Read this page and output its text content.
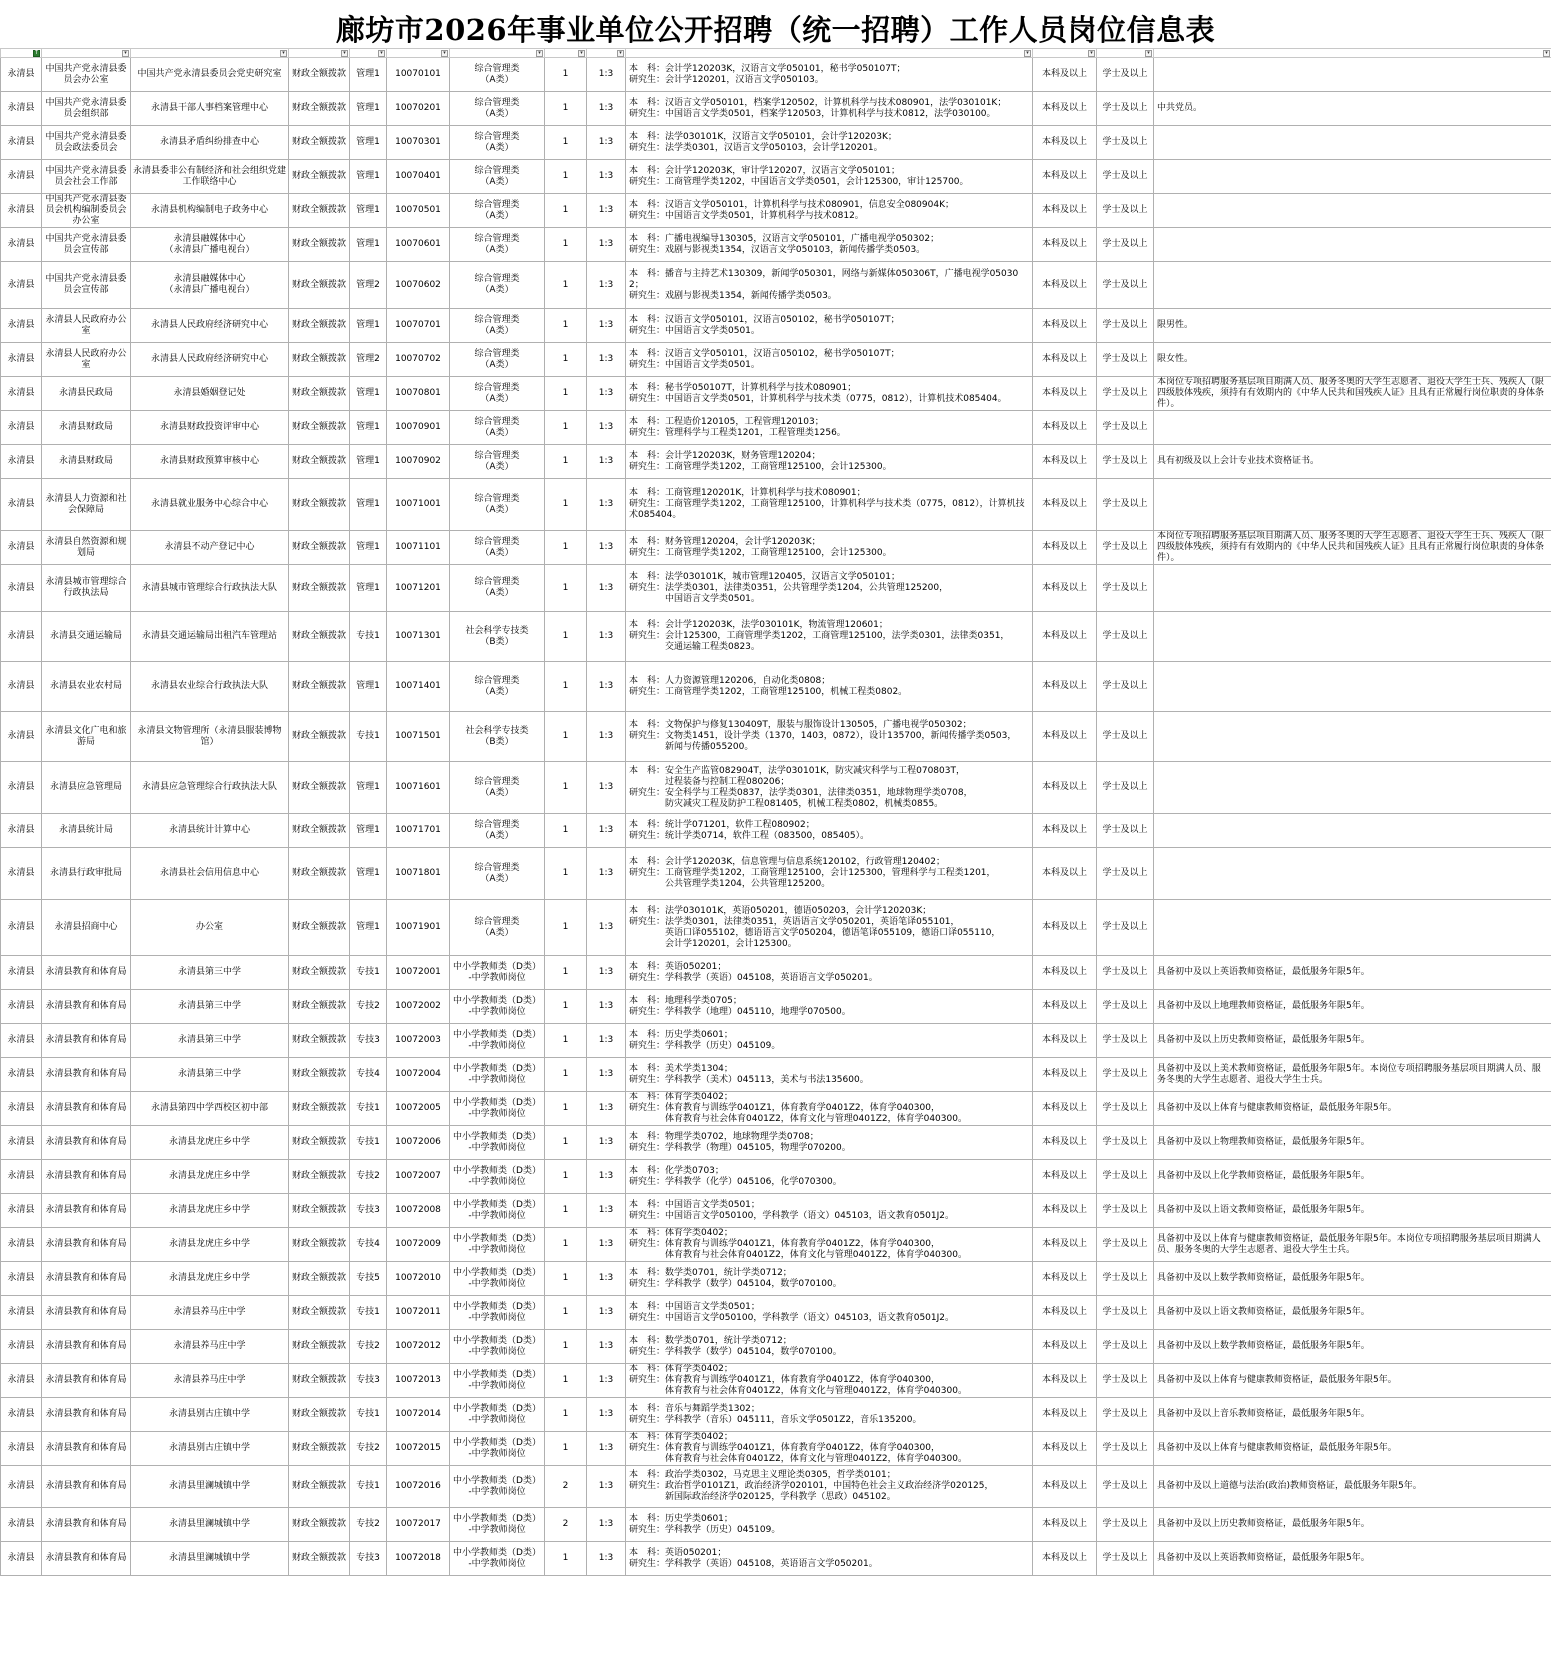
廊坊市2026年事业单位公开招聘（统一招聘）工作人员岗位信息表
T	▾	▾	▾	▾	▾	▾	▾	▾	▾	▾	▾	▾

永清县	中国共产党永清县委员会办公室	中国共产党永清县委员会党史研究室	财政全额拨款	管理1	10070101	综合管理类
（A类）	1	1:3	本　科：会计学120203K，汉语言文学050101，秘书学050107T；
研究生：会计学120201，汉语言文学050103。	本科及以上	学士及以上	
永清县	中国共产党永清县委员会组织部	永清县干部人事档案管理中心	财政全额拨款	管理1	10070201	综合管理类
（A类）	1	1:3	本　科：汉语言文学050101，档案学120502，计算机科学与技术080901，法学030101K；
研究生：中国语言文学类0501，档案学120503，计算机科学与技术0812，法学030100。	本科及以上	学士及以上	中共党员。
永清县	中国共产党永清县委员会政法委员会	永清县矛盾纠纷排查中心	财政全额拨款	管理1	10070301	综合管理类
（A类）	1	1:3	本　科：法学030101K，汉语言文学050101，会计学120203K；
研究生：法学类0301，汉语言文学050103，会计学120201。	本科及以上	学士及以上	
永清县	中国共产党永清县委员会社会工作部	永清县委非公有制经济和社会组织党建工作联络中心	财政全额拨款	管理1	10070401	综合管理类
（A类）	1	1:3	本　科：会计学120203K，审计学120207，汉语言文学050101；
研究生：工商管理学类1202，中国语言文学类0501，会计125300，审计125700。	本科及以上	学士及以上	
永清县	中国共产党永清县委员会机构编制委员会办公室	永清县机构编制电子政务中心	财政全额拨款	管理1	10070501	综合管理类
（A类）	1	1:3	本　科：汉语言文学050101，计算机科学与技术080901，信息安全080904K；
研究生：中国语言文学类0501，计算机科学与技术0812。	本科及以上	学士及以上	
永清县	中国共产党永清县委员会宣传部	永清县融媒体中心
（永清县广播电视台）	财政全额拨款	管理1	10070601	综合管理类
（A类）	1	1:3	本　科：广播电视编导130305，汉语言文学050101，广播电视学050302；
研究生：戏剧与影视类1354，汉语言文学050103，新闻传播学类0503。	本科及以上	学士及以上	
永清县	中国共产党永清县委员会宣传部	永清县融媒体中心
（永清县广播电视台）	财政全额拨款	管理2	10070602	综合管理类
（A类）	1	1:3	本　科：播音与主持艺术130309，新闻学050301，网络与新媒体050306T，广播电视学050302；
研究生：戏剧与影视类1354，新闻传播学类0503。	本科及以上	学士及以上	
永清县	永清县人民政府办公室	永清县人民政府经济研究中心	财政全额拨款	管理1	10070701	综合管理类
（A类）	1	1:3	本　科：汉语言文学050101，汉语言050102，秘书学050107T；
研究生：中国语言文学类0501。	本科及以上	学士及以上	限男性。
永清县	永清县人民政府办公室	永清县人民政府经济研究中心	财政全额拨款	管理2	10070702	综合管理类
（A类）	1	1:3	本　科：汉语言文学050101，汉语言050102，秘书学050107T；
研究生：中国语言文学类0501。	本科及以上	学士及以上	限女性。
永清县	永清县民政局	永清县婚姻登记处	财政全额拨款	管理1	10070801	综合管理类
（A类）	1	1:3	本　科：秘书学050107T，计算机科学与技术080901；
研究生：中国语言文学类0501，计算机科学与技术类（0775，0812），计算机技术085404。	本科及以上	学士及以上	本岗位专项招聘服务基层项目期满人员、服务冬奥的大学生志愿者、退役大学生士兵、残疾人（限四级肢体残疾，须持有有效期内的《中华人民共和国残疾人证》且具有正常履行岗位职责的身体条件）。
永清县	永清县财政局	永清县财政投资评审中心	财政全额拨款	管理1	10070901	综合管理类
（A类）	1	1:3	本　科：工程造价120105，工程管理120103；
研究生：管理科学与工程类1201，工程管理类1256。	本科及以上	学士及以上	
永清县	永清县财政局	永清县财政预算审核中心	财政全额拨款	管理1	10070902	综合管理类
（A类）	1	1:3	本　科：会计学120203K，财务管理120204；
研究生：工商管理学类1202，工商管理125100，会计125300。	本科及以上	学士及以上	具有初级及以上会计专业技术资格证书。
永清县	永清县人力资源和社会保障局	永清县就业服务中心综合中心	财政全额拨款	管理1	10071001	综合管理类
（A类）	1	1:3	本　科：工商管理120201K，计算机科学与技术080901；
研究生：工商管理学类1202，工商管理125100，计算机科学与技术类（0775，0812），计算机技术085404。	本科及以上	学士及以上	
永清县	永清县自然资源和规划局	永清县不动产登记中心	财政全额拨款	管理1	10071101	综合管理类
（A类）	1	1:3	本　科：财务管理120204，会计学120203K；
研究生：工商管理学类1202，工商管理125100，会计125300。	本科及以上	学士及以上	本岗位专项招聘服务基层项目期满人员、服务冬奥的大学生志愿者、退役大学生士兵、残疾人（限四级肢体残疾，须持有有效期内的《中华人民共和国残疾人证》且具有正常履行岗位职责的身体条件）。
永清县	永清县城市管理综合行政执法局	永清县城市管理综合行政执法大队	财政全额拨款	管理1	10071201	综合管理类
（A类）	1	1:3	本　科：法学030101K，城市管理120405，汉语言文学050101；
研究生：法学类0301，法律类0351，公共管理学类1204，公共管理125200，
　　　　中国语言文学类0501。	本科及以上	学士及以上	
永清县	永清县交通运输局	永清县交通运输局出租汽车管理站	财政全额拨款	专技1	10071301	社会科学专技类
（B类）	1	1:3	本　科：会计学120203K，法学030101K，物流管理120601；
研究生：会计125300，工商管理学类1202，工商管理125100，法学类0301，法律类0351，
　　　　交通运输工程类0823。	本科及以上	学士及以上	
永清县	永清县农业农村局	永清县农业综合行政执法大队	财政全额拨款	管理1	10071401	综合管理类
（A类）	1	1:3	本　科：人力资源管理120206，自动化类0808；
研究生：工商管理学类1202，工商管理125100，机械工程类0802。	本科及以上	学士及以上	
永清县	永清县文化广电和旅游局	永清县文物管理所（永清县服装博物馆）	财政全额拨款	专技1	10071501	社会科学专技类
（B类）	1	1:3	本　科：文物保护与修复130409T，服装与服饰设计130505，广播电视学050302；
研究生：文物类1451，设计学类（1370，1403，0872），设计135700，新闻传播学类0503，
　　　　新闻与传播055200。	本科及以上	学士及以上	
永清县	永清县应急管理局	永清县应急管理综合行政执法大队	财政全额拨款	管理1	10071601	综合管理类
（A类）	1	1:3	本　科：安全生产监管082904T，法学030101K，防灾减灾科学与工程070803T，
　　　　过程装备与控制工程080206；
研究生：安全科学与工程类0837，法学类0301，法律类0351，地球物理学类0708，
　　　　防灾减灾工程及防护工程081405，机械工程类0802，机械类0855。	本科及以上	学士及以上	
永清县	永清县统计局	永清县统计计算中心	财政全额拨款	管理1	10071701	综合管理类
（A类）	1	1:3	本　科：统计学071201，软件工程080902；
研究生：统计学类0714，软件工程（083500，085405）。	本科及以上	学士及以上	
永清县	永清县行政审批局	永清县社会信用信息中心	财政全额拨款	管理1	10071801	综合管理类
（A类）	1	1:3	本　科：会计学120203K，信息管理与信息系统120102，行政管理120402；
研究生：工商管理学类1202，工商管理125100，会计125300，管理科学与工程类1201，
　　　　公共管理学类1204，公共管理125200。	本科及以上	学士及以上	
永清县	永清县招商中心	办公室	财政全额拨款	管理1	10071901	综合管理类
（A类）	1	1:3	本　科：法学030101K，英语050201，德语050203，会计学120203K；
研究生：法学类0301，法律类0351，英语语言文学050201，英语笔译055101，
　　　　英语口译055102，德语语言文学050204，德语笔译055109，德语口译055110，
　　　　会计学120201，会计125300。	本科及以上	学士及以上	
永清县	永清县教育和体育局	永清县第三中学	财政全额拨款	专技1	10072001	中小学教师类（D类）
-中学教师岗位	1	1:3	本　科：英语050201；
研究生：学科教学（英语）045108，英语语言文学050201。	本科及以上	学士及以上	具备初中及以上英语教师资格证，最低服务年限5年。
永清县	永清县教育和体育局	永清县第三中学	财政全额拨款	专技2	10072002	中小学教师类（D类）
-中学教师岗位	1	1:3	本　科：地理科学类0705；
研究生：学科教学（地理）045110，地理学070500。	本科及以上	学士及以上	具备初中及以上地理教师资格证，最低服务年限5年。
永清县	永清县教育和体育局	永清县第三中学	财政全额拨款	专技3	10072003	中小学教师类（D类）
-中学教师岗位	1	1:3	本　科：历史学类0601；
研究生：学科教学（历史）045109。	本科及以上	学士及以上	具备初中及以上历史教师资格证，最低服务年限5年。
永清县	永清县教育和体育局	永清县第三中学	财政全额拨款	专技4	10072004	中小学教师类（D类）
-中学教师岗位	1	1:3	本　科：美术学类1304；
研究生：学科教学（美术）045113，美术与书法135600。	本科及以上	学士及以上	具备初中及以上美术教师资格证，最低服务年限5年。本岗位专项招聘服务基层项目期满人员、服务冬奥的大学生志愿者、退役大学生士兵。
永清县	永清县教育和体育局	永清县第四中学西校区初中部	财政全额拨款	专技1	10072005	中小学教师类（D类）
-中学教师岗位	1	1:3	本　科：体育学类0402；
研究生：体育教育与训练学0401Z1，体育教育学0401Z2，体育学040300，
　　　　体育教育与社会体育0401Z2，体育文化与管理0401Z2，体育学040300。	本科及以上	学士及以上	具备初中及以上体育与健康教师资格证，最低服务年限5年。
永清县	永清县教育和体育局	永清县龙虎庄乡中学	财政全额拨款	专技1	10072006	中小学教师类（D类）
-中学教师岗位	1	1:3	本　科：物理学类0702，地球物理学类0708；
研究生：学科教学（物理）045105，物理学070200。	本科及以上	学士及以上	具备初中及以上物理教师资格证，最低服务年限5年。
永清县	永清县教育和体育局	永清县龙虎庄乡中学	财政全额拨款	专技2	10072007	中小学教师类（D类）
-中学教师岗位	1	1:3	本　科：化学类0703；
研究生：学科教学（化学）045106，化学070300。	本科及以上	学士及以上	具备初中及以上化学教师资格证，最低服务年限5年。
永清县	永清县教育和体育局	永清县龙虎庄乡中学	财政全额拨款	专技3	10072008	中小学教师类（D类）
-中学教师岗位	1	1:3	本　科：中国语言文学类0501；
研究生：中国语言文学050100，学科教学（语文）045103，语文教育0501J2。	本科及以上	学士及以上	具备初中及以上语文教师资格证，最低服务年限5年。
永清县	永清县教育和体育局	永清县龙虎庄乡中学	财政全额拨款	专技4	10072009	中小学教师类（D类）
-中学教师岗位	1	1:3	本　科：体育学类0402；
研究生：体育教育与训练学0401Z1，体育教育学0401Z2，体育学040300，
　　　　体育教育与社会体育0401Z2，体育文化与管理0401Z2，体育学040300。	本科及以上	学士及以上	具备初中及以上体育与健康教师资格证，最低服务年限5年。本岗位专项招聘服务基层项目期满人员、服务冬奥的大学生志愿者、退役大学生士兵。
永清县	永清县教育和体育局	永清县龙虎庄乡中学	财政全额拨款	专技5	10072010	中小学教师类（D类）
-中学教师岗位	1	1:3	本　科：数学类0701，统计学类0712；
研究生：学科教学（数学）045104，数学070100。	本科及以上	学士及以上	具备初中及以上数学教师资格证，最低服务年限5年。
永清县	永清县教育和体育局	永清县养马庄中学	财政全额拨款	专技1	10072011	中小学教师类（D类）
-中学教师岗位	1	1:3	本　科：中国语言文学类0501；
研究生：中国语言文学050100，学科教学（语文）045103，语文教育0501J2。	本科及以上	学士及以上	具备初中及以上语文教师资格证，最低服务年限5年。
永清县	永清县教育和体育局	永清县养马庄中学	财政全额拨款	专技2	10072012	中小学教师类（D类）
-中学教师岗位	1	1:3	本　科：数学类0701，统计学类0712；
研究生：学科教学（数学）045104，数学070100。	本科及以上	学士及以上	具备初中及以上数学教师资格证，最低服务年限5年。
永清县	永清县教育和体育局	永清县养马庄中学	财政全额拨款	专技3	10072013	中小学教师类（D类）
-中学教师岗位	1	1:3	本　科：体育学类0402；
研究生：体育教育与训练学0401Z1，体育教育学0401Z2，体育学040300，
　　　　体育教育与社会体育0401Z2，体育文化与管理0401Z2，体育学040300。	本科及以上	学士及以上	具备初中及以上体育与健康教师资格证，最低服务年限5年。
永清县	永清县教育和体育局	永清县别古庄镇中学	财政全额拨款	专技1	10072014	中小学教师类（D类）
-中学教师岗位	1	1:3	本　科：音乐与舞蹈学类1302；
研究生：学科教学（音乐）045111，音乐文学0501Z2，音乐135200。	本科及以上	学士及以上	具备初中及以上音乐教师资格证，最低服务年限5年。
永清县	永清县教育和体育局	永清县别古庄镇中学	财政全额拨款	专技2	10072015	中小学教师类（D类）
-中学教师岗位	1	1:3	本　科：体育学类0402；
研究生：体育教育与训练学0401Z1，体育教育学0401Z2，体育学040300，
　　　　体育教育与社会体育0401Z2，体育文化与管理0401Z2，体育学040300。	本科及以上	学士及以上	具备初中及以上体育与健康教师资格证，最低服务年限5年。
永清县	永清县教育和体育局	永清县里澜城镇中学	财政全额拨款	专技1	10072016	中小学教师类（D类）
-中学教师岗位	2	1:3	本　科：政治学类0302，马克思主义理论类0305，哲学类0101；
研究生：政治哲学0101Z1，政治经济学020101，中国特色社会主义政治经济学020125，
　　　　新国际政治经济学020125，学科教学（思政）045102。	本科及以上	学士及以上	具备初中及以上道德与法治(政治)教师资格证，最低服务年限5年。
永清县	永清县教育和体育局	永清县里澜城镇中学	财政全额拨款	专技2	10072017	中小学教师类（D类）
-中学教师岗位	2	1:3	本　科：历史学类0601；
研究生：学科教学（历史）045109。	本科及以上	学士及以上	具备初中及以上历史教师资格证，最低服务年限5年。
永清县	永清县教育和体育局	永清县里澜城镇中学	财政全额拨款	专技3	10072018	中小学教师类（D类）
-中学教师岗位	1	1:3	本　科：英语050201；
研究生：学科教学（英语）045108，英语语言文学050201。	本科及以上	学士及以上	具备初中及以上英语教师资格证，最低服务年限5年。
